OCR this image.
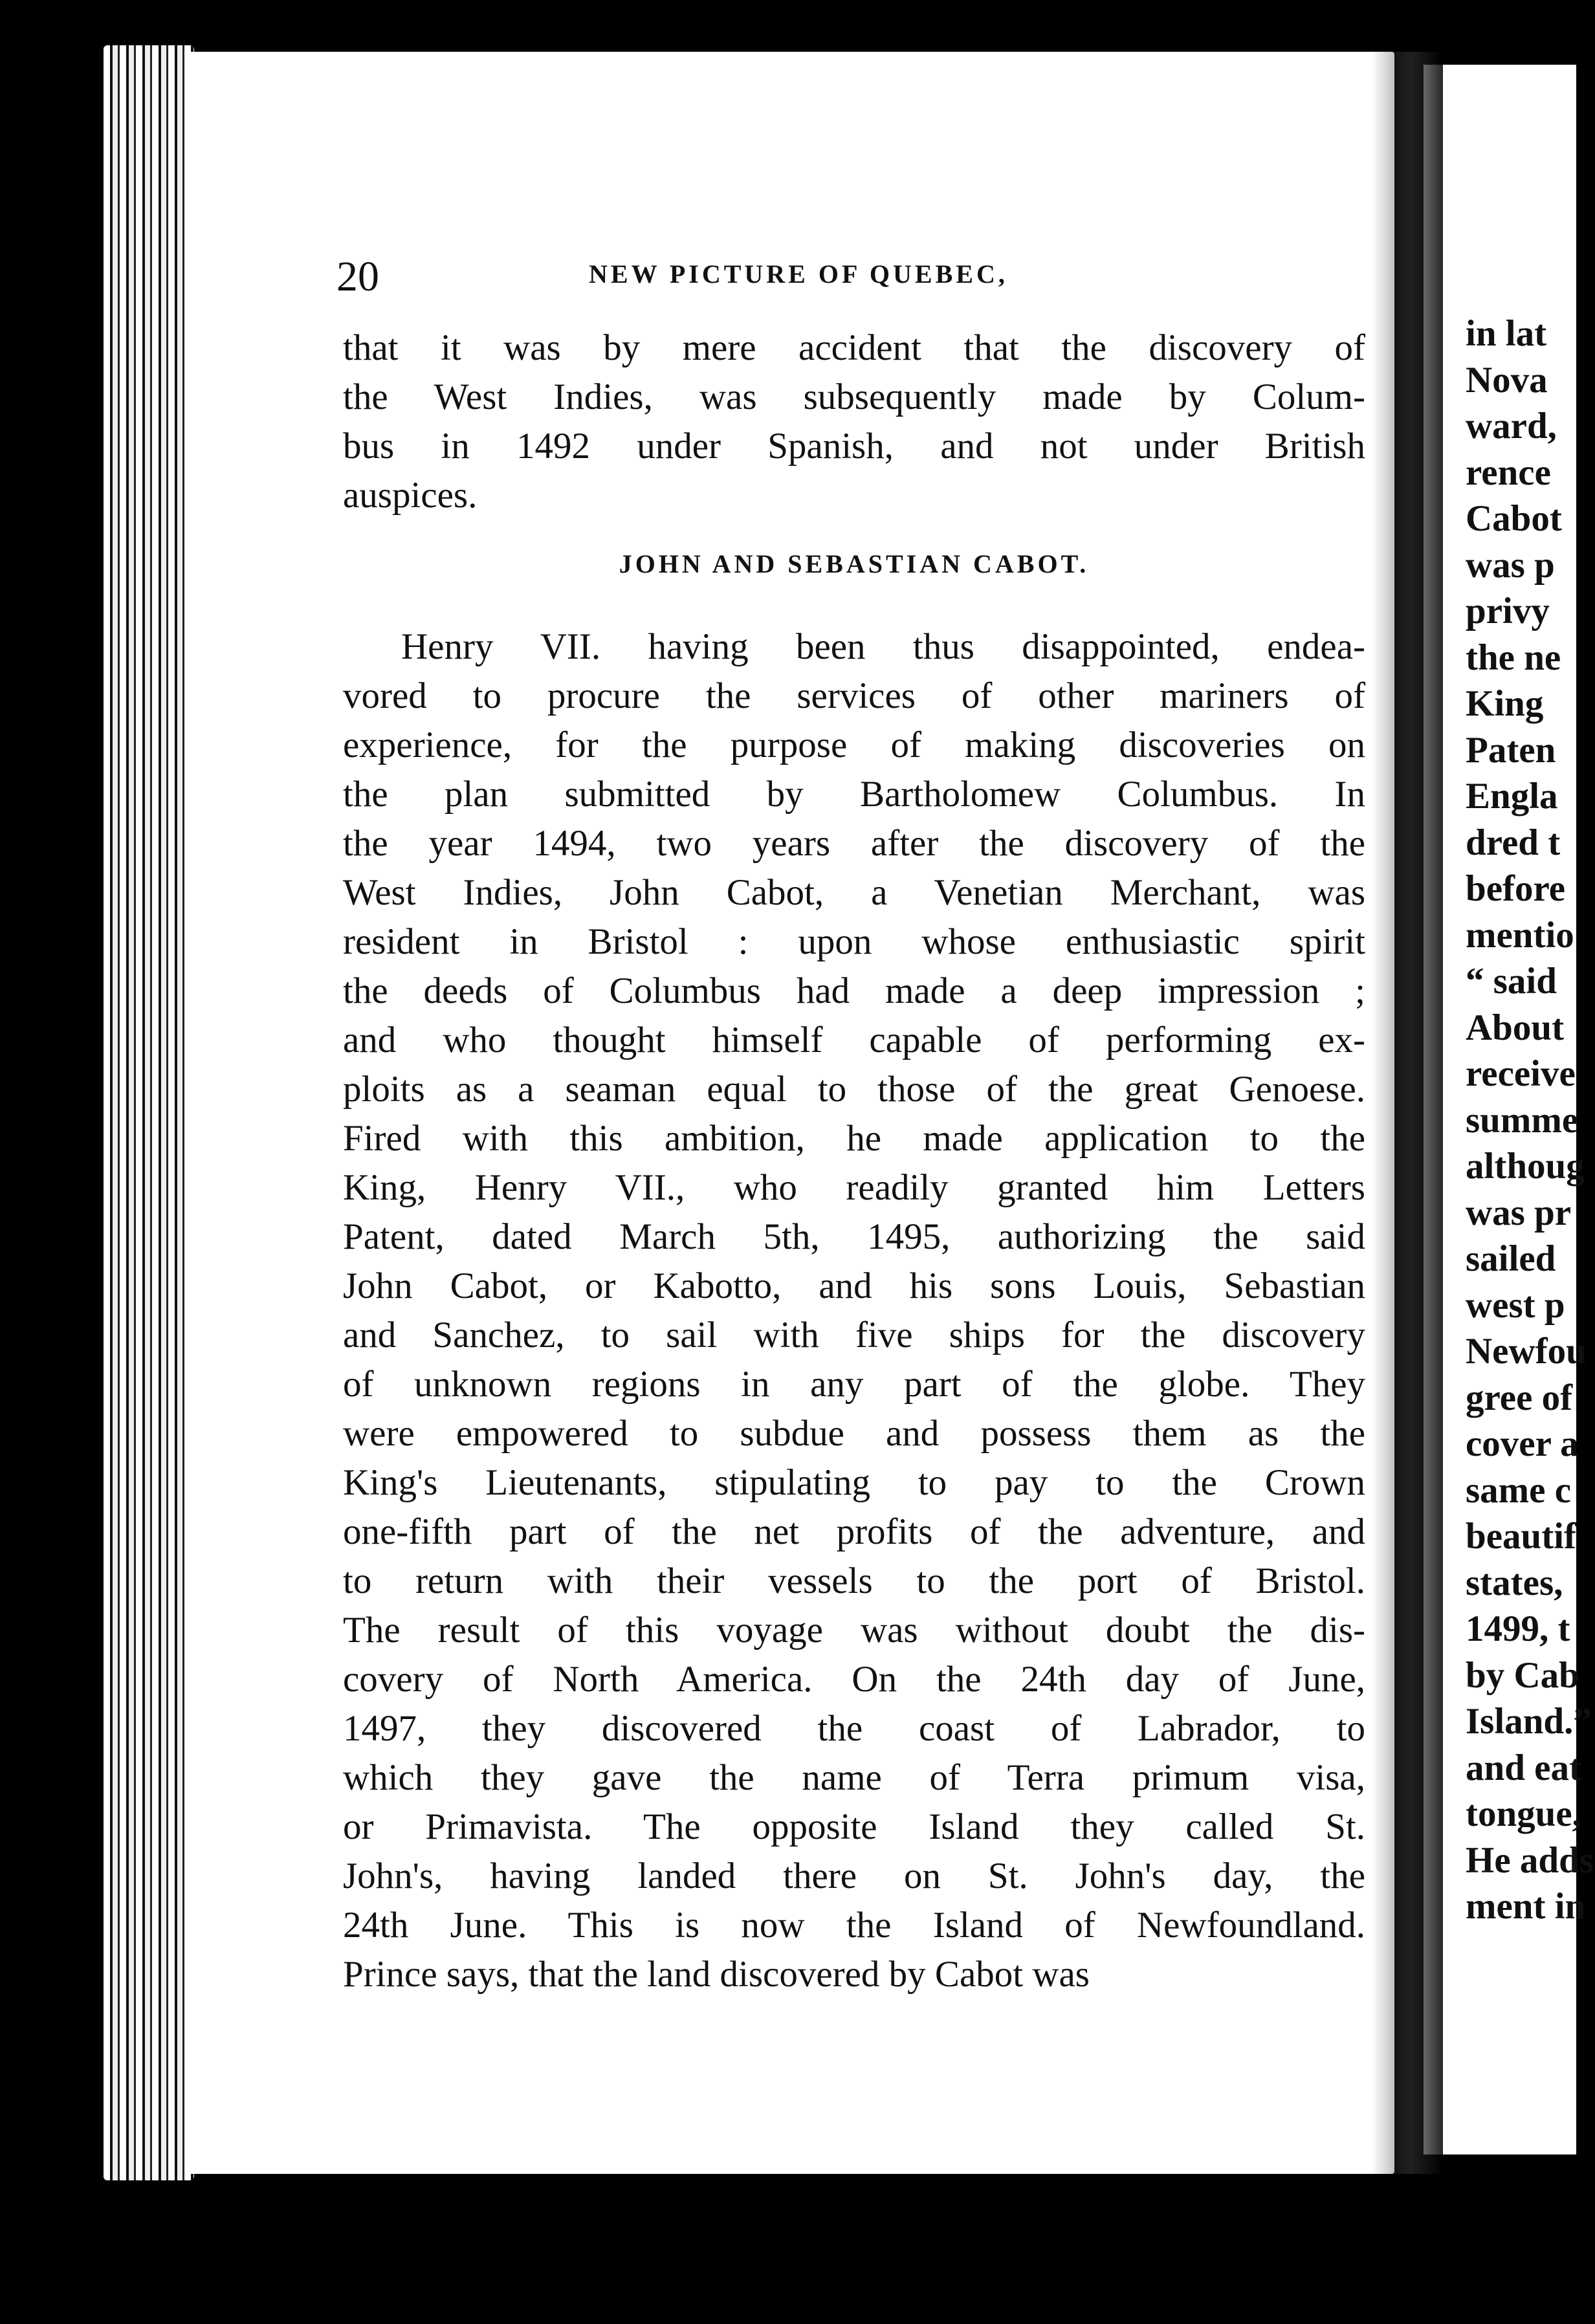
20	NEW PICTURE OF QUEBEC,
that it was by mere accident that the discovery of
the West Indies, was subsequently made by Colum-
bus in 1492 under Spanish, and not under British
auspices.
JOHN AND SEBASTIAN CABOT.
Henry VII. having been thus disappointed, endea-
vored to procure the services of other mariners of
experience, for the purpose of making discoveries on
the plan submitted by Bartholomew Columbus. In
the year 1494, two years after the discovery of the
West Indies, John Cabot, a Venetian Merchant, was
resident in Bristol : upon whose enthusiastic spirit
the deeds of Columbus had made a deep impression ;
and who thought himself capable of performing ex-
ploits as a seaman equal to those of the great Genoese.
Fired with this ambition, he made application to the
King, Henry VII., who readily granted him Letters
Patent, dated March 5th, 1495, authorizing the said
John Cabot, or Kabotto, and his sons Louis, Sebastian
and Sanchez, to sail with five ships for the discovery
of unknown regions in any part of the globe. They
were empowered to subdue and possess them as the
King's Lieutenants, stipulating to pay to the Crown
one-fifth part of the net profits of the adventure, and
to return with their vessels to the port of Bristol.
The result of this voyage was without doubt the dis-
covery of North America. On the 24th day of June,
1497, they discovered the coast of Labrador, to
which they gave the name of Terra primum visa,
or Primavista. The opposite Island they called St.
John's, having landed there on St. John's day, the
24th June. This is now the Island of Newfoundland.
Prince says, that the land discovered by Cabot was
in lat
Nova
ward,
rence
Cabot
was p
privy
the ne
King
Paten
Engla
dred t
before
mentio
“ said
About
receive
summe
althoug
was pr
sailed
west p
Newfou
gree of
cover a
same c
beautif
states,
1499, t
by Cab
Island.”
and eat
tongue,
He adds
ment in
